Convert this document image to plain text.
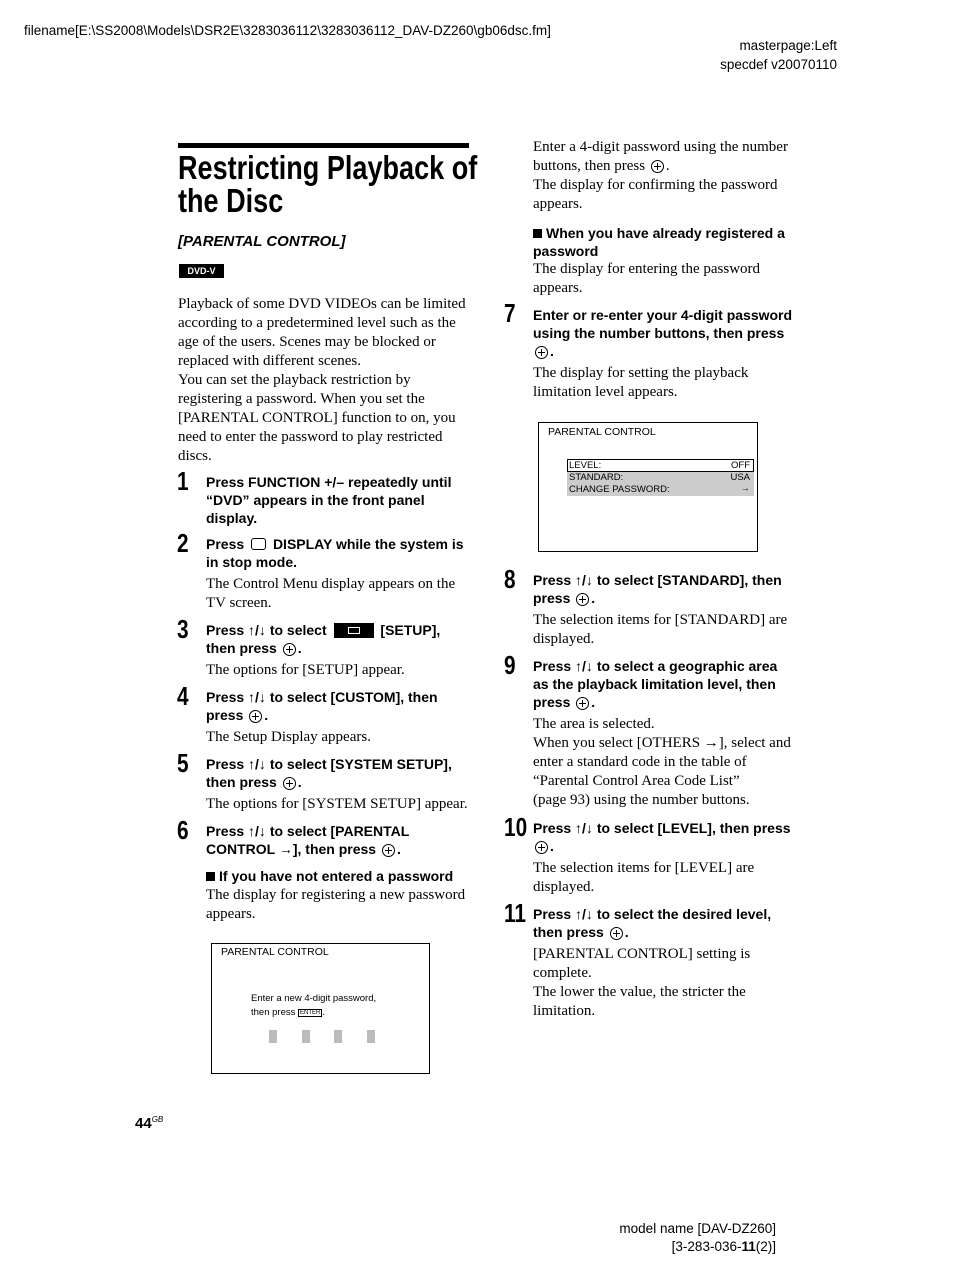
filename[E:\SS2008\Models\DSR2E\3283036112\3283036112_DAV-DZ260\gb06dsc.fm]
masterpage:Left
specdef v20070110
Restricting Playback of
the Disc
[PARENTAL CONTROL]
DVD-V
Playback of some DVD VIDEOs can be limited
according to a predetermined level such as the
age of the users. Scenes may be blocked or
replaced with different scenes.
You can set the playback restriction by
registering a password. When you set the
[PARENTAL CONTROL] function to on, you
need to enter the password to play restricted
discs.
1 Press FUNCTION +/– repeatedly until
“DVD” appears in the front panel
display.
2 Press DISPLAY while the system is
in stop mode.
The Control Menu display appears on the
TV screen.
3 Press ↑/↓ to select	[SETUP],
then press .
The options for [SETUP] appear.
4 Press ↑/↓ to select [CUSTOM], then
press .
The Setup Display appears.
5 Press ↑/↓ to select [SYSTEM SETUP],
then press .
The options for [SYSTEM SETUP] appear.
6 Press ↑/↓ to select [PARENTAL
CONTROL →], then press .
If you have not entered a password
The display for registering a new password
appears.
PARENTAL CONTROL
Enter a new 4-digit password,
then press ENTER .
Enter a 4-digit password using the number
buttons, then press .
The display for confirming the password
appears.
When you have already registered a
password
The display for entering the password
appears.
7 Enter or re-enter your 4-digit password
using the number buttons, then press
.
The display for setting the playback
limitation level appears.
PARENTAL CONTROL
LEVEL:	OFF
STANDARD:	USA
CHANGE PASSWORD:	→
8 Press ↑/↓ to select [STANDARD], then
press .
The selection items for [STANDARD] are
displayed.
9 Press ↑/↓ to select a geographic area
as the playback limitation level, then
press .
The area is selected.
When you select [OTHERS →], select and
enter a standard code in the table of
“Parental Control Area Code List”
(page 93) using the number buttons.
10 Press ↑/↓ to select [LEVEL], then press
.
The selection items for [LEVEL] are
displayed.
11 Press ↑/↓ to select the desired level,
then press .
[PARENTAL CONTROL] setting is
complete.
The lower the value, the stricter the
limitation.
$44^{GB}$
model name [DAV-DZ260]
[3-283-036-11(2)]
